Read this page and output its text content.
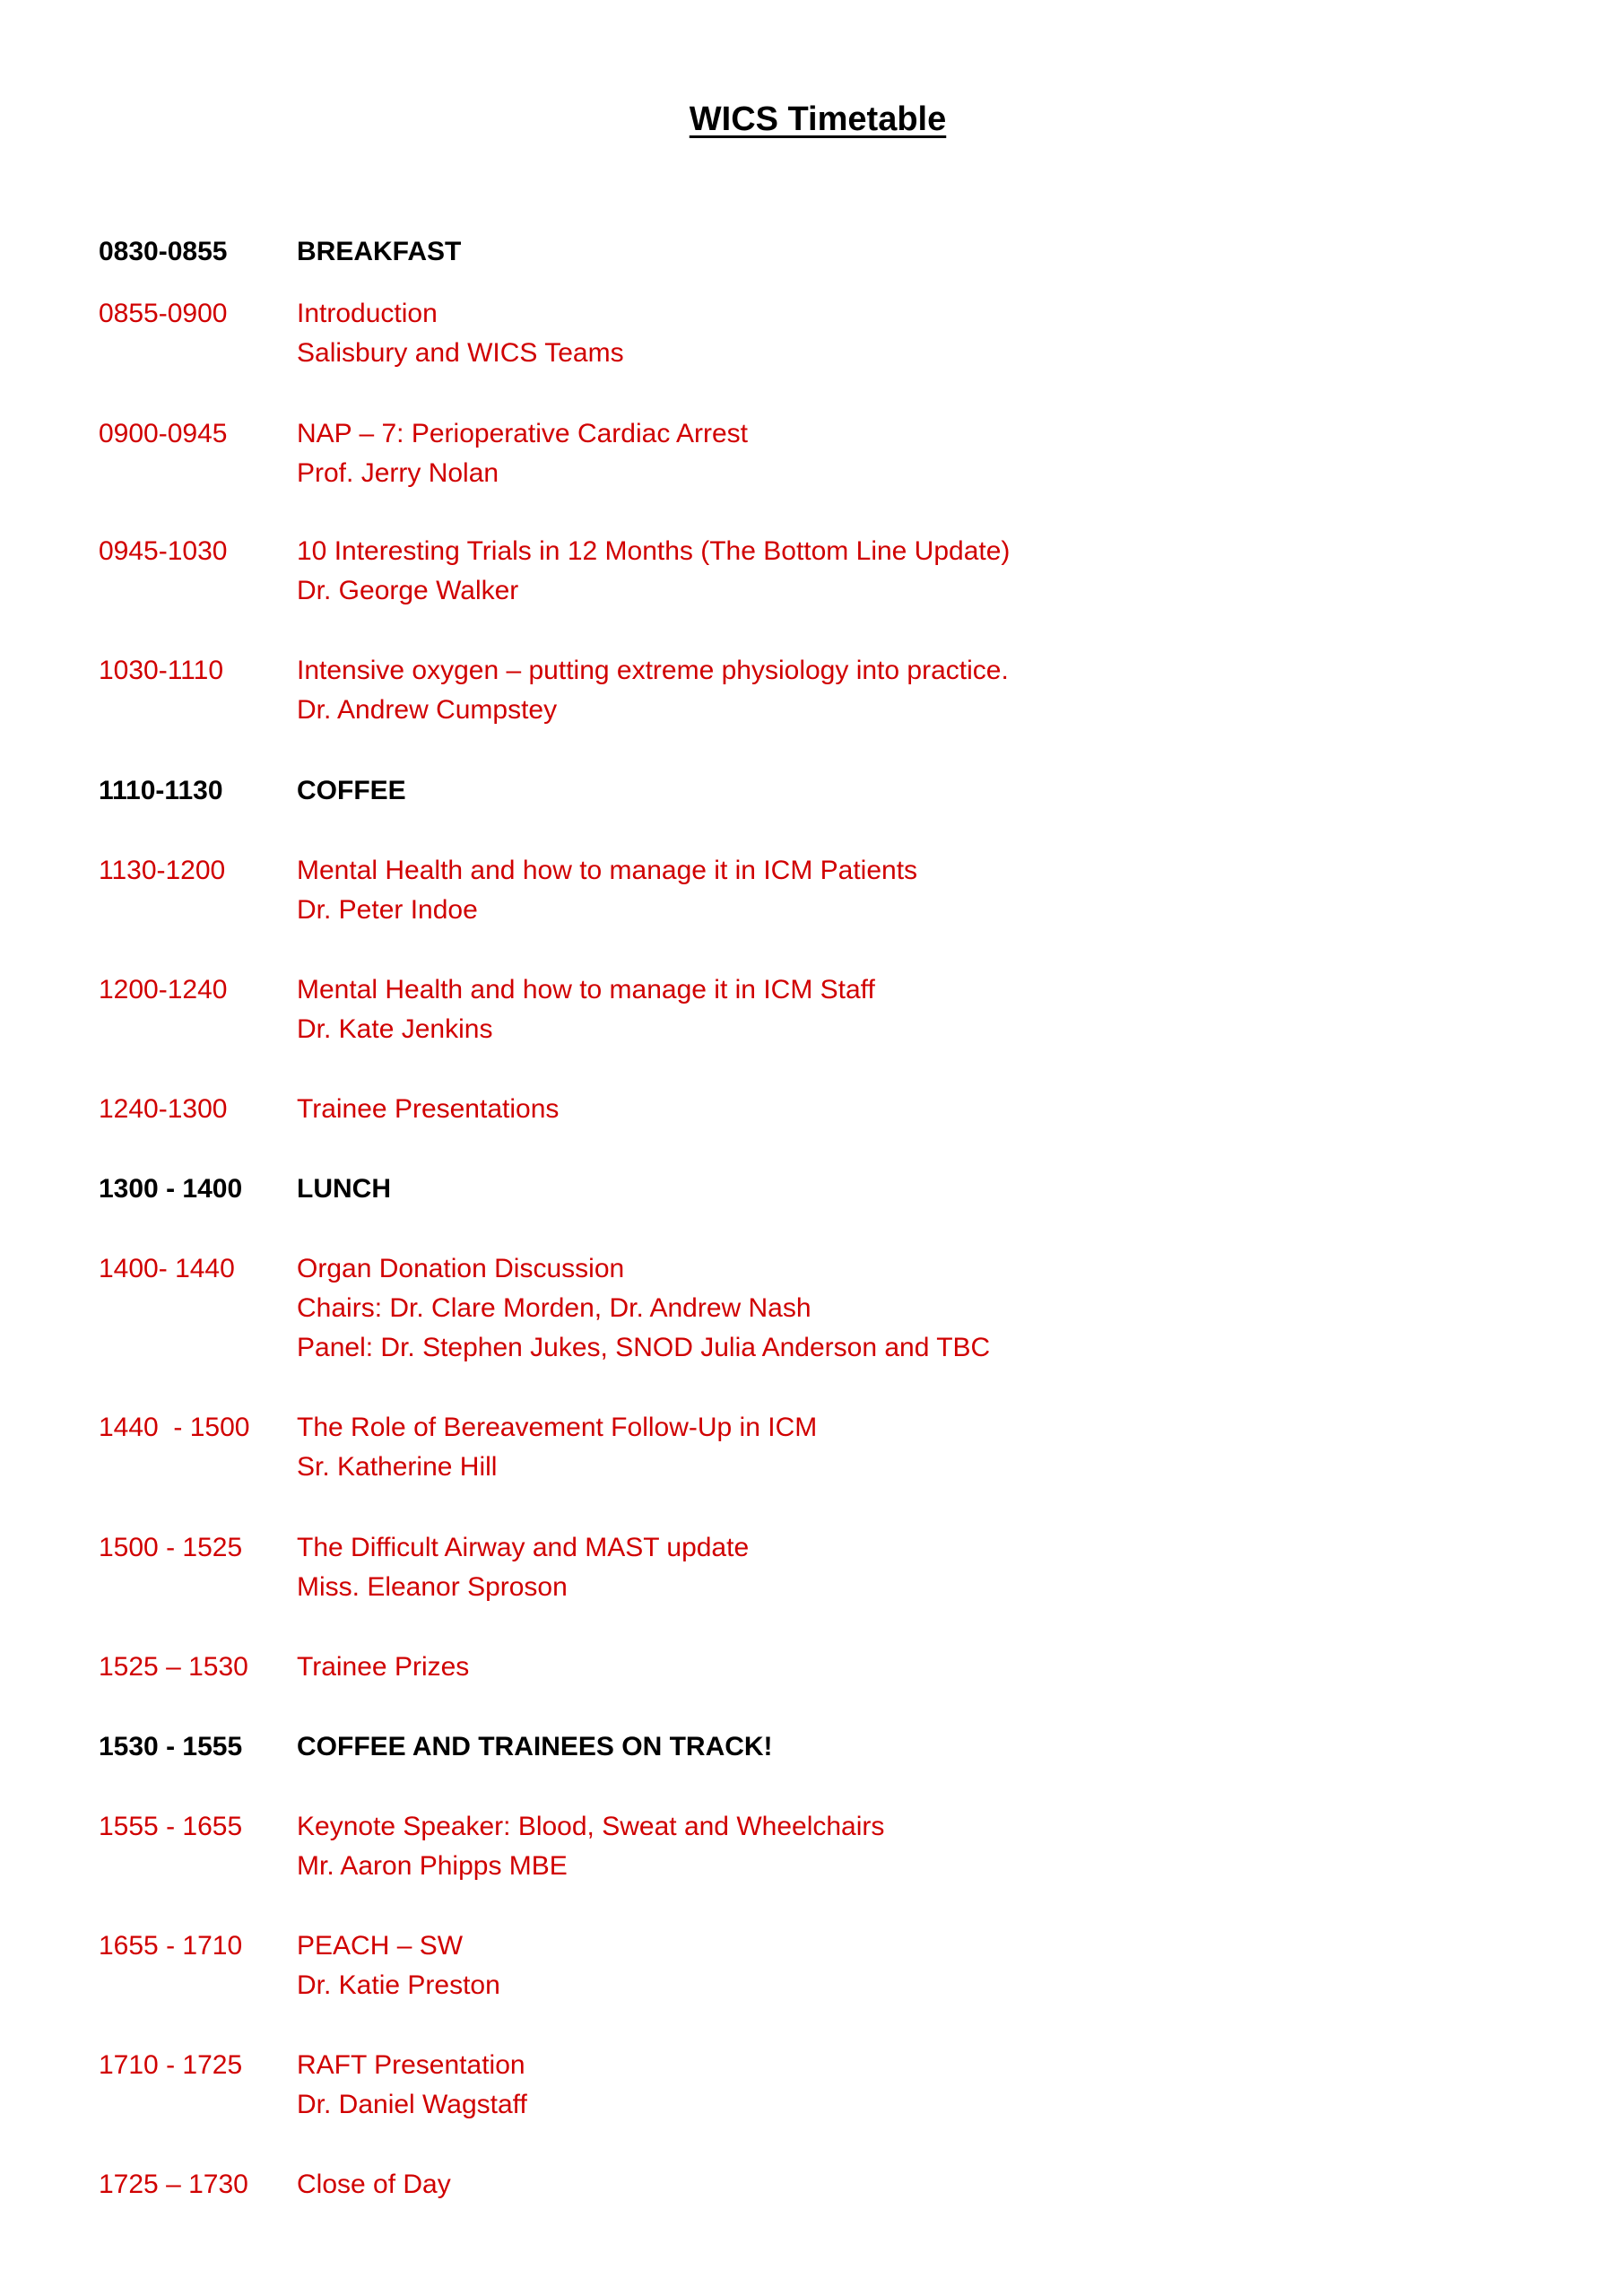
WICS Timetable
0830-0855	BREAKFAST
0855-0900	Introduction
Salisbury and WICS Teams
0900-0945	NAP – 7: Perioperative Cardiac Arrest
Prof. Jerry Nolan
0945-1030	10 Interesting Trials in 12 Months (The Bottom Line Update)
Dr. George Walker
1030-1110	Intensive oxygen – putting extreme physiology into practice.
Dr. Andrew Cumpstey
1110-1130	COFFEE
1130-1200	Mental Health and how to manage it in ICM Patients
Dr. Peter Indoe
1200-1240	Mental Health and how to manage it in ICM Staff
Dr. Kate Jenkins
1240-1300	Trainee Presentations
1300 - 1400 LUNCH
1400- 1440 Organ Donation Discussion
Chairs: Dr. Clare Morden, Dr. Andrew Nash
Panel: Dr. Stephen Jukes, SNOD Julia Anderson and TBC
1440  - 1500 The Role of Bereavement Follow-Up in ICM
Sr. Katherine Hill
1500 - 1525 The Difficult Airway and MAST update
Miss. Eleanor Sproson
1525 – 1530 Trainee Prizes
1530 - 1555 COFFEE AND TRAINEES ON TRACK!
1555 - 1655 Keynote Speaker: Blood, Sweat and Wheelchairs
Mr. Aaron Phipps MBE
1655 - 1710 PEACH – SW
Dr. Katie Preston
1710 - 1725 RAFT Presentation
Dr. Daniel Wagstaff
1725 – 1730 Close of Day
